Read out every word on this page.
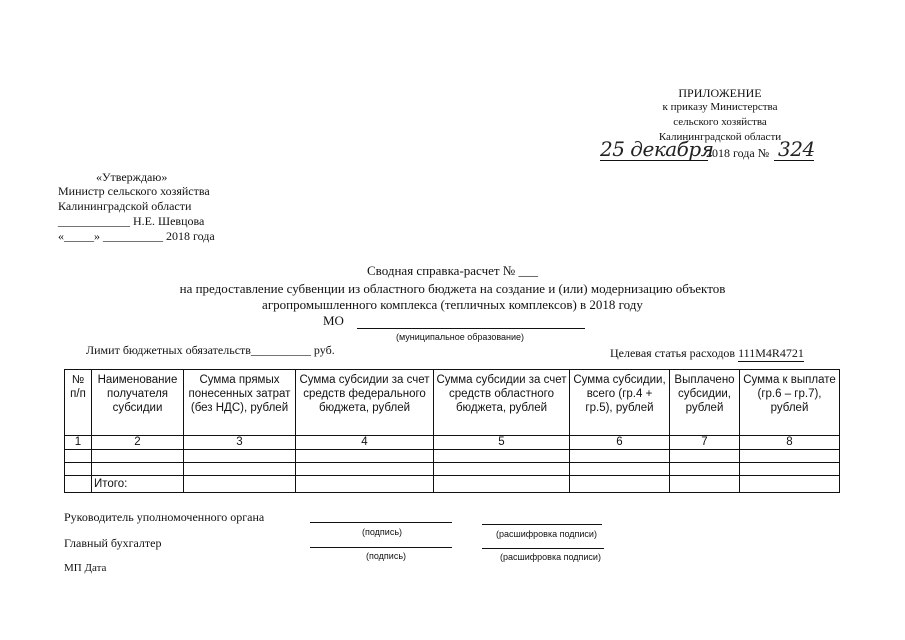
ПРИЛОЖЕНИЕ
к приказу Министерства
сельского хозяйства
Калининградской области
25 декабря
2018 года № 324
«Утверждаю»
Министр сельского хозяйства
Калининградской области
____________ Н.Е. Шевцова
«_____» __________ 2018 года
Сводная справка-расчет № ___
на предоставление субвенции из областного бюджета на создание и (или) модернизацию объектов
агропромышленного комплекса (тепличных комплексов) в 2018 году
МО
(муниципальное образование)
Лимит бюджетных обязательств__________ руб.	Целевая статья расходов 111M4R4721
№ п/п	Наименование получателя субсидии	Сумма прямых понесенных затрат (без НДС), рублей	Сумма субсидии за счет средств федерального бюджета, рублей	Сумма субсидии за счет средств областного бюджета, рублей	Сумма субсидии, всего (гр.4 + гр.5), рублей	Выплачено субсидии, рублей	Сумма к выплате (гр.6 – гр.7), рублей
1	2	3	4	5	6	7	8

	Итого:						
Руководитель уполномоченного органа
(подпись)	(расшифровка подписи)
Главный бухгалтер
(подпись)	(расшифровка подписи)
МП Дата
